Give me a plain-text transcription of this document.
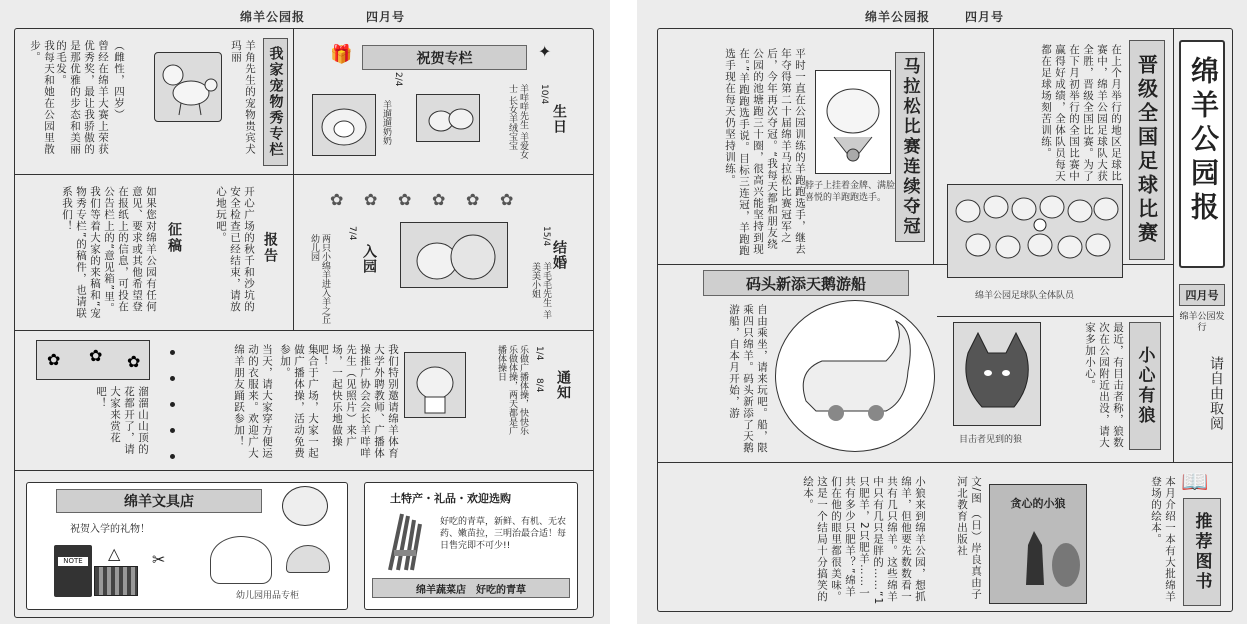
绵羊公园报	四月号
我家宠物秀专栏
羊角先生的宠物贵宾犬玛丽
（雌性，四岁）
曾经在绵羊大赛上荣获优秀奖，最让我骄傲的是那优雅的步态和美丽的毛发。
我每天和她在公园里散步。
报告
开心广场的秋千和沙坑的安全检查已经结束，请放心地玩吧。
征稿
如果您对绵羊公园有任何意见、要求或其他希望登在报纸上的信息，可投在公告栏上的“意见箱”里。我们等着大家的来稿和“宠物秀专栏”的稿件，也请联系我们！
🎁	祝贺专栏	✦
生日
10/4
2/4
羊遛遛奶奶	羊咩咩先生 羊爱女士 长女羊绒宝宝
✿ ✿ ✿ ✿ ✿ ✿
结婚
15/4
羊毛毛先生 羊美美小姐
入园
7/4
两只小绵羊进入羊之丘幼儿园
通知
1/4
8/4
乐做广播体操，快快乐乐做体操，两天都是广播体操日
我们特别邀请绵羊体育大学外聘教师、广播体操推广协会会长羊咩咩先生（见照片）来广场，一起快乐地做操吧！
集合于广场，大家一起做广播体操，活动免费参加。
当天，请大家穿方便运动的衣服来。欢迎广大绵羊朋友踊跃参加！
✿ ✿ ✿
溜溜山山顶的花都开了，请大家来赏花吧！
绵羊文具店
祝贺入学的礼物！
NOTE	△ ✂
幼儿园用品专柜
土特产・礼品・欢迎选购
好吃的青草，新鲜、有机、无农药、嫩苗拉，三明治最合适！每日售完即不可少!!
绵羊蔬菜店　好吃的青草
绵羊公园报	四月号
绵羊公园报
四月号
绵羊公园发行
请自由取阅
晋级全国足球比赛
在上个月举行的地区足球比赛中，绵羊公园足球队大获全胜，晋级全国比赛。为了在下月初举行的全国比赛中赢得好成绩，全体队员每天都在足球场刻苦训练。
绵羊公园足球队全体队员
马拉松比赛连续夺冠
脖子上挂着金牌、满脸喜悦的羊跑跑选手。
平时一直在公园训练的羊跑跑选手，继去年夺得第二十届绵羊马拉松比赛冠军之后，今年再次夺冠。“我每天都和朋友绕公园的池塘跑三十圈，很高兴能坚持到现在。”羊跑跑选手说。目标三连冠，羊跑跑选手现在每天仍坚持训练。
码头新添天鹅游船
自由乘坐，请来玩吧。船，限乘四只绵羊。码头新添了天鹅游船，自本月开始，游	小心有狼
最近，有目击者称，狼数次在公园附近出没，请大家多加小心。
目击者见到的狼
📖
推荐图书
本月介绍一本有大批绵羊登场的绘本。
贪心的小狼
文/图 （日）岸良真由子 河北教育出版社
小狼来到绵羊公园，想抓绵羊，但他要先数数看一共有几只绵羊。这些绵羊中只有几只是胖的……“1只肥羊，2只肥羊……一共有多少只肥羊？”绵羊们在他的眼里都很美味。这是一个结局十分搞笑的绘本。
